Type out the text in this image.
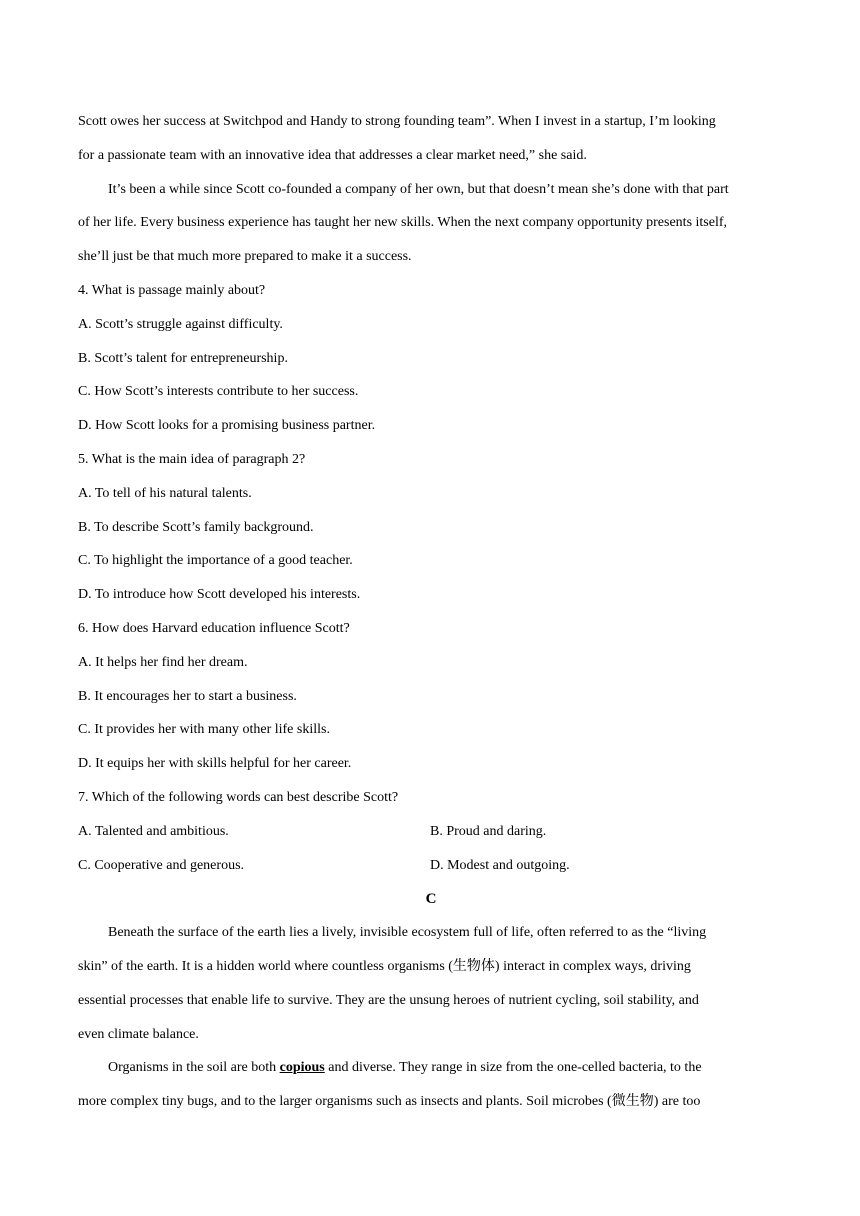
Scott owes her success at Switchpod and Handy to strong founding team”. When I invest in a startup, I’m looking
for a passionate team with an innovative idea that addresses a clear market need,” she said.
It’s been a while since Scott co-founded a company of her own, but that doesn’t mean she’s done with that part
of her life. Every business experience has taught her new skills. When the next company opportunity presents itself,
she’ll just be that much more prepared to make it a success.
4. What is passage mainly about?
A. Scott’s struggle against difficulty.
B. Scott’s talent for entrepreneurship.
C. How Scott’s interests contribute to her success.
D. How Scott looks for a promising business partner.
5. What is the main idea of paragraph 2?
A. To tell of his natural talents.
B. To describe Scott’s family background.
C. To highlight the importance of a good teacher.
D. To introduce how Scott developed his interests.
6. How does Harvard education influence Scott?
A. It helps her find her dream.
B. It encourages her to start a business.
C. It provides her with many other life skills.
D. It equips her with skills helpful for her career.
7. Which of the following words can best describe Scott?
A. Talented and ambitious.	B. Proud and daring.
C. Cooperative and generous.	D. Modest and outgoing.
C
Beneath the surface of the earth lies a lively, invisible ecosystem full of life, often referred to as the “living
skin” of the earth. It is a hidden world where countless organisms (生物体) interact in complex ways, driving
essential processes that enable life to survive. They are the unsung heroes of nutrient cycling, soil stability, and
even climate balance.
Organisms in the soil are both copious and diverse. They range in size from the one-celled bacteria, to the
more complex tiny bugs, and to the larger organisms such as insects and plants. Soil microbes (微生物) are too
